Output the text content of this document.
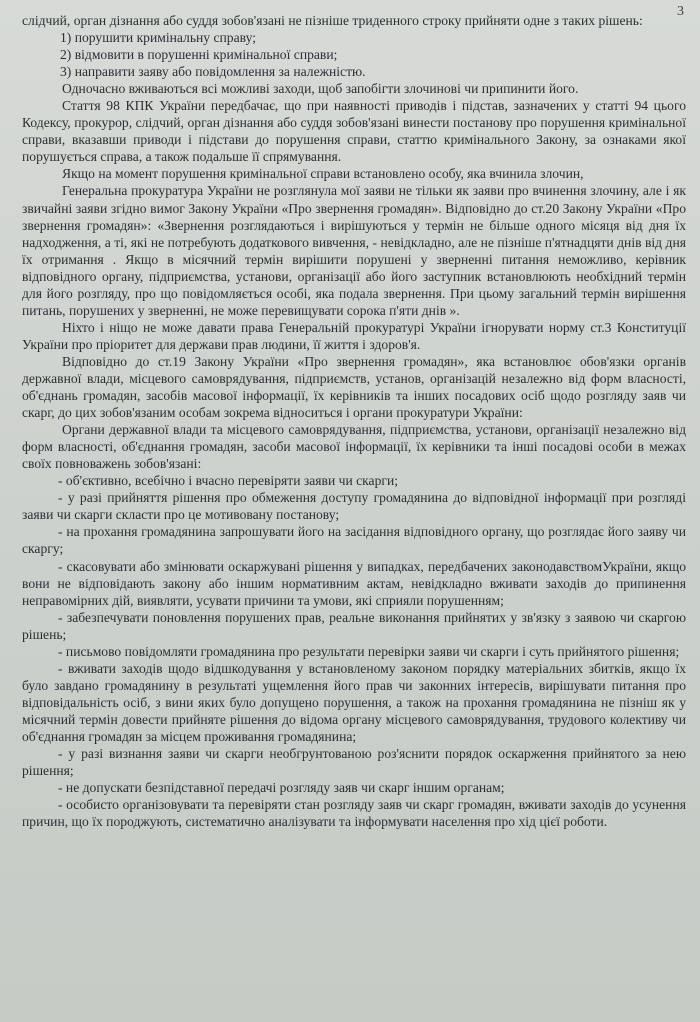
3

слідчий, орган дізнання або суддя зобов'язані не пізніше триденного строку прийняти одне з таких рішень:

1) порушити кримінальну справу;

2) відмовити в порушенні кримінальної справи;

3) направити заяву або повідомлення за належністю.

Одночасно вживаються всі можливі заходи, щоб запобігти злочинові чи припинити його.

Стаття 98 КПК України передбачає, що при наявності приводів і підстав, зазначених у статті 94 цього Кодексу, прокурор, слідчий, орган дізнання або суддя зобов'язані винести постанову про порушення кримінальної справи, вказавши приводи і підстави до порушення справи, статтю кримінального Закону, за ознаками якої порушується справа, а також подальше її спрямування.

Якщо на момент порушення кримінальної справи встановлено особу, яка вчинила злочин,

Генеральна прокуратура України не розглянула мої заяви не тільки як заяви про вчинення злочину, але і як звичайні заяви згідно вимог Закону України «Про звернення громадян». Відповідно до ст.20 Закону України «Про звернення громадян»: «Звернення розглядаються і вирішуються у термін не більше одного місяця від дня їх надходження, а ті, які не потребують додаткового вивчення, - невідкладно, але не пізніше п'ятнадцяти днів від дня їх отримання . Якщо в місячний термін вирішити порушені у зверненні питання неможливо, керівник відповідного органу, підприємства, установи, організації або його заступник встановлюють необхідний термін для його розгляду, про що повідомляється особі, яка подала звернення. При цьому загальний термін вирішення питань, порушених у зверненні, не може перевищувати сорока п'яти днів ».

Ніхто і ніщо не може давати права Генеральній прокуратурі України ігнорувати норму ст.3 Конституції України про пріоритет для держави прав людини, її життя і здоров'я.

Відповідно до ст.19 Закону України «Про звернення громадян», яка встановлює обов'язки органів державної влади, місцевого самоврядування, підприємств, установ, організацій незалежно від форм власності, об'єднань громадян, засобів масової інформації, їх керівників та інших посадових осіб щодо розгляду заяв чи скарг, до цих зобов'язаним особам зокрема відноситься і органи прокуратури України:

Органи державної влади та місцевого самоврядування, підприємства, установи, організації незалежно від форм власності, об'єднання громадян, засоби масової інформації, їх керівники та інші посадові особи в межах своїх повноважень зобов'язані:

- об'єктивно, всебічно і вчасно перевіряти заяви чи скарги;

- у разі прийняття рішення про обмеження доступу громадянина до відповідної інформації при розгляді заяви чи скарги скласти про це мотивовану постанову;

- на прохання громадянина запрошувати його на засідання відповідного органу, що розглядає його заяву чи скаргу;

- скасовувати або змінювати оскаржувані рішення у випадках, передбачених законодавствомУкраїни, якщо вони не відповідають закону або іншим нормативним актам, невідкладно вживати заходів до припинення неправомірних дій, виявляти, усувати причини та умови, які сприяли порушенням;

- забезпечувати поновлення порушених прав, реальне виконання прийнятих у зв'язку з заявою чи скаргою рішень;

- письмово повідомляти громадянина про результати перевірки заяви чи скарги і суть прийнятого рішення;

- вживати заходів щодо відшкодування у встановленому законом порядку матеріальних збитків, якщо їх було завдано громадянину в результаті ущемлення його прав чи законних інтересів, вирішувати питання про відповідальність осіб, з вини яких було допущено порушення, а також на прохання громадянина не пізніш як у місячний термін довести прийняте рішення до відома органу місцевого самоврядування, трудового колективу чи об'єднання громадян за місцем проживання громадянина;

- у разі визнання заяви чи скарги необгрунтованою роз'яснити порядок оскарження прийнятого за нею рішення;

- не допускати безпідставної передачі розгляду заяв чи скарг іншим органам;

- особисто організовувати та перевіряти стан розгляду заяв чи скарг громадян, вживати заходів до усунення причин, що їх породжують, систематично аналізувати та інформувати населення про хід цієї роботи.
